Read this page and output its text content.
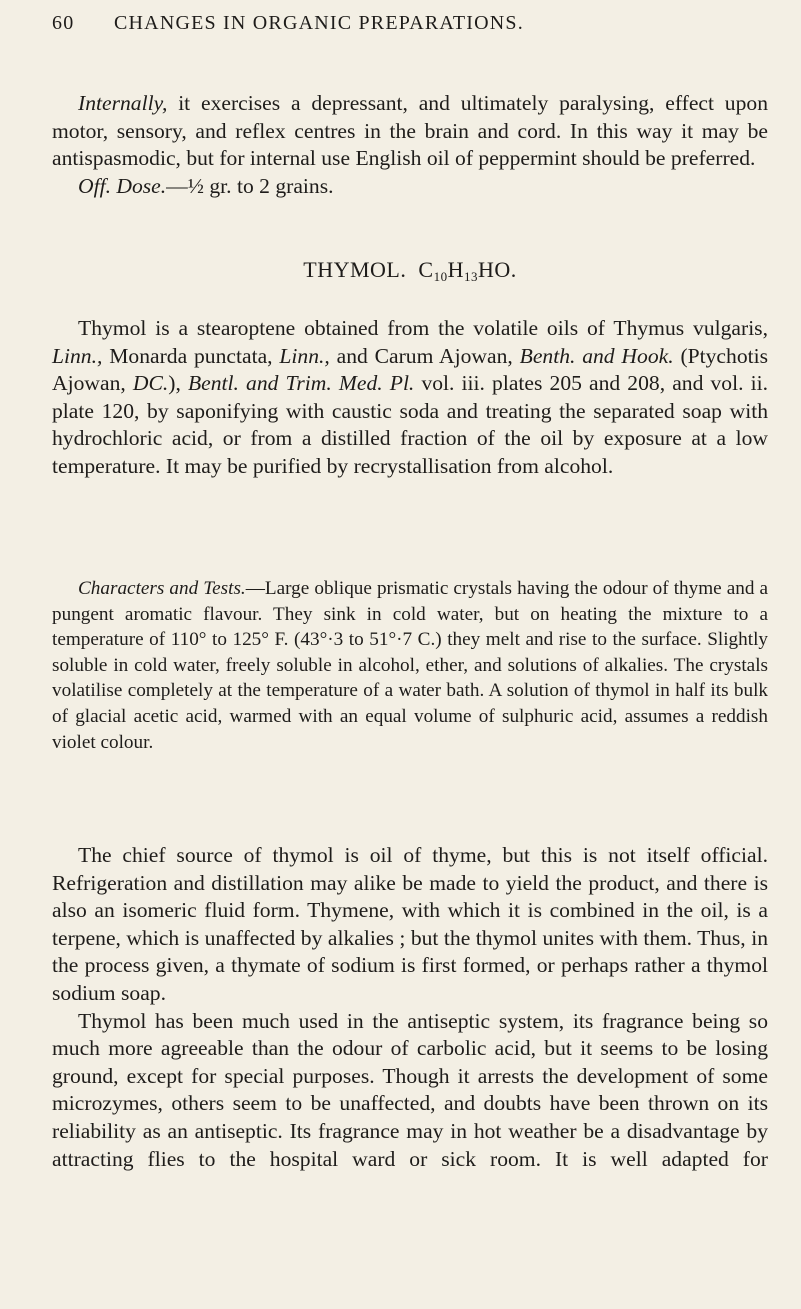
60 CHANGES IN ORGANIC PREPARATIONS.

Internally, it exercises a depressant, and ultimately paralysing, effect upon motor, sensory, and reflex centres in the brain and cord. In this way it may be antispasmodic, but for internal use English oil of peppermint should be preferred.

Off. Dose.—½ gr. to 2 grains.

THYMOL. $C_{10}H_{13}HO$.

Thymol is a stearoptene obtained from the volatile oils of Thymus vulgaris, Linn., Monarda punctata, Linn., and Carum Ajowan, Benth. and Hook. (Ptychotis Ajowan, DC.), Bentl. and Trim. Med. Pl. vol. iii. plates 205 and 208, and vol. ii. plate 120, by saponifying with caustic soda and treating the separated soap with hydrochloric acid, or from a distilled fraction of the oil by exposure at a low temperature. It may be purified by recrystallisation from alcohol.

Characters and Tests.—Large oblique prismatic crystals having the odour of thyme and a pungent aromatic flavour. They sink in cold water, but on heating the mixture to a temperature of 110° to 125° F. (43°·3 to 51°·7 C.) they melt and rise to the surface. Slightly soluble in cold water, freely soluble in alcohol, ether, and solutions of alkalies. The crystals volatilise completely at the temperature of a water bath. A solution of thymol in half its bulk of glacial acetic acid, warmed with an equal volume of sulphuric acid, assumes a reddish violet colour.

The chief source of thymol is oil of thyme, but this is not itself official. Refrigeration and distillation may alike be made to yield the product, and there is also an isomeric fluid form. Thymene, with which it is combined in the oil, is a terpene, which is unaffected by alkalies ; but the thymol unites with them. Thus, in the process given, a thymate of sodium is first formed, or perhaps rather a thymol sodium soap.

Thymol has been much used in the antiseptic system, its fragrance being so much more agreeable than the odour of carbolic acid, but it seems to be losing ground, except for special purposes. Though it arrests the development of some microzymes, others seem to be unaffected, and doubts have been thrown on its reliability as an antiseptic. Its fragrance may in hot weather be a disadvantage by attracting flies to the hospital ward or sick room. It is well adapted for
